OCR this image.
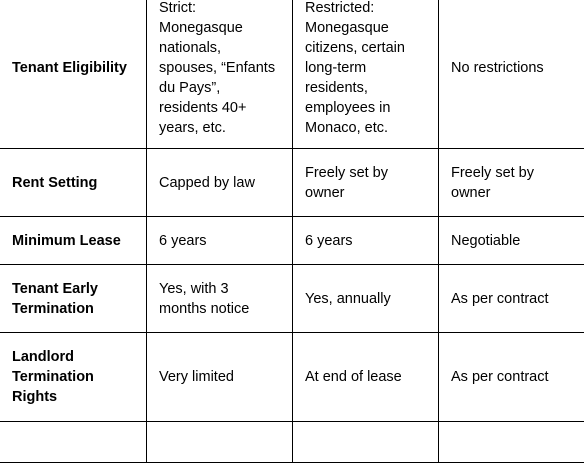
Tenant Eligibility	Strict: Monegasque nationals, spouses, “Enfants du Pays”, residents 40+ years, etc.	Restricted: Monegasque citizens, certain long-term residents, employees in Monaco, etc.	No restrictions
Rent Setting	Capped by law	Freely set by owner	Freely set by owner
Minimum Lease	6 years	6 years	Negotiable
Tenant Early Termination	Yes, with 3 months notice	Yes, annually	As per contract
Landlord Termination Rights	Very limited	At end of lease	As per contract
